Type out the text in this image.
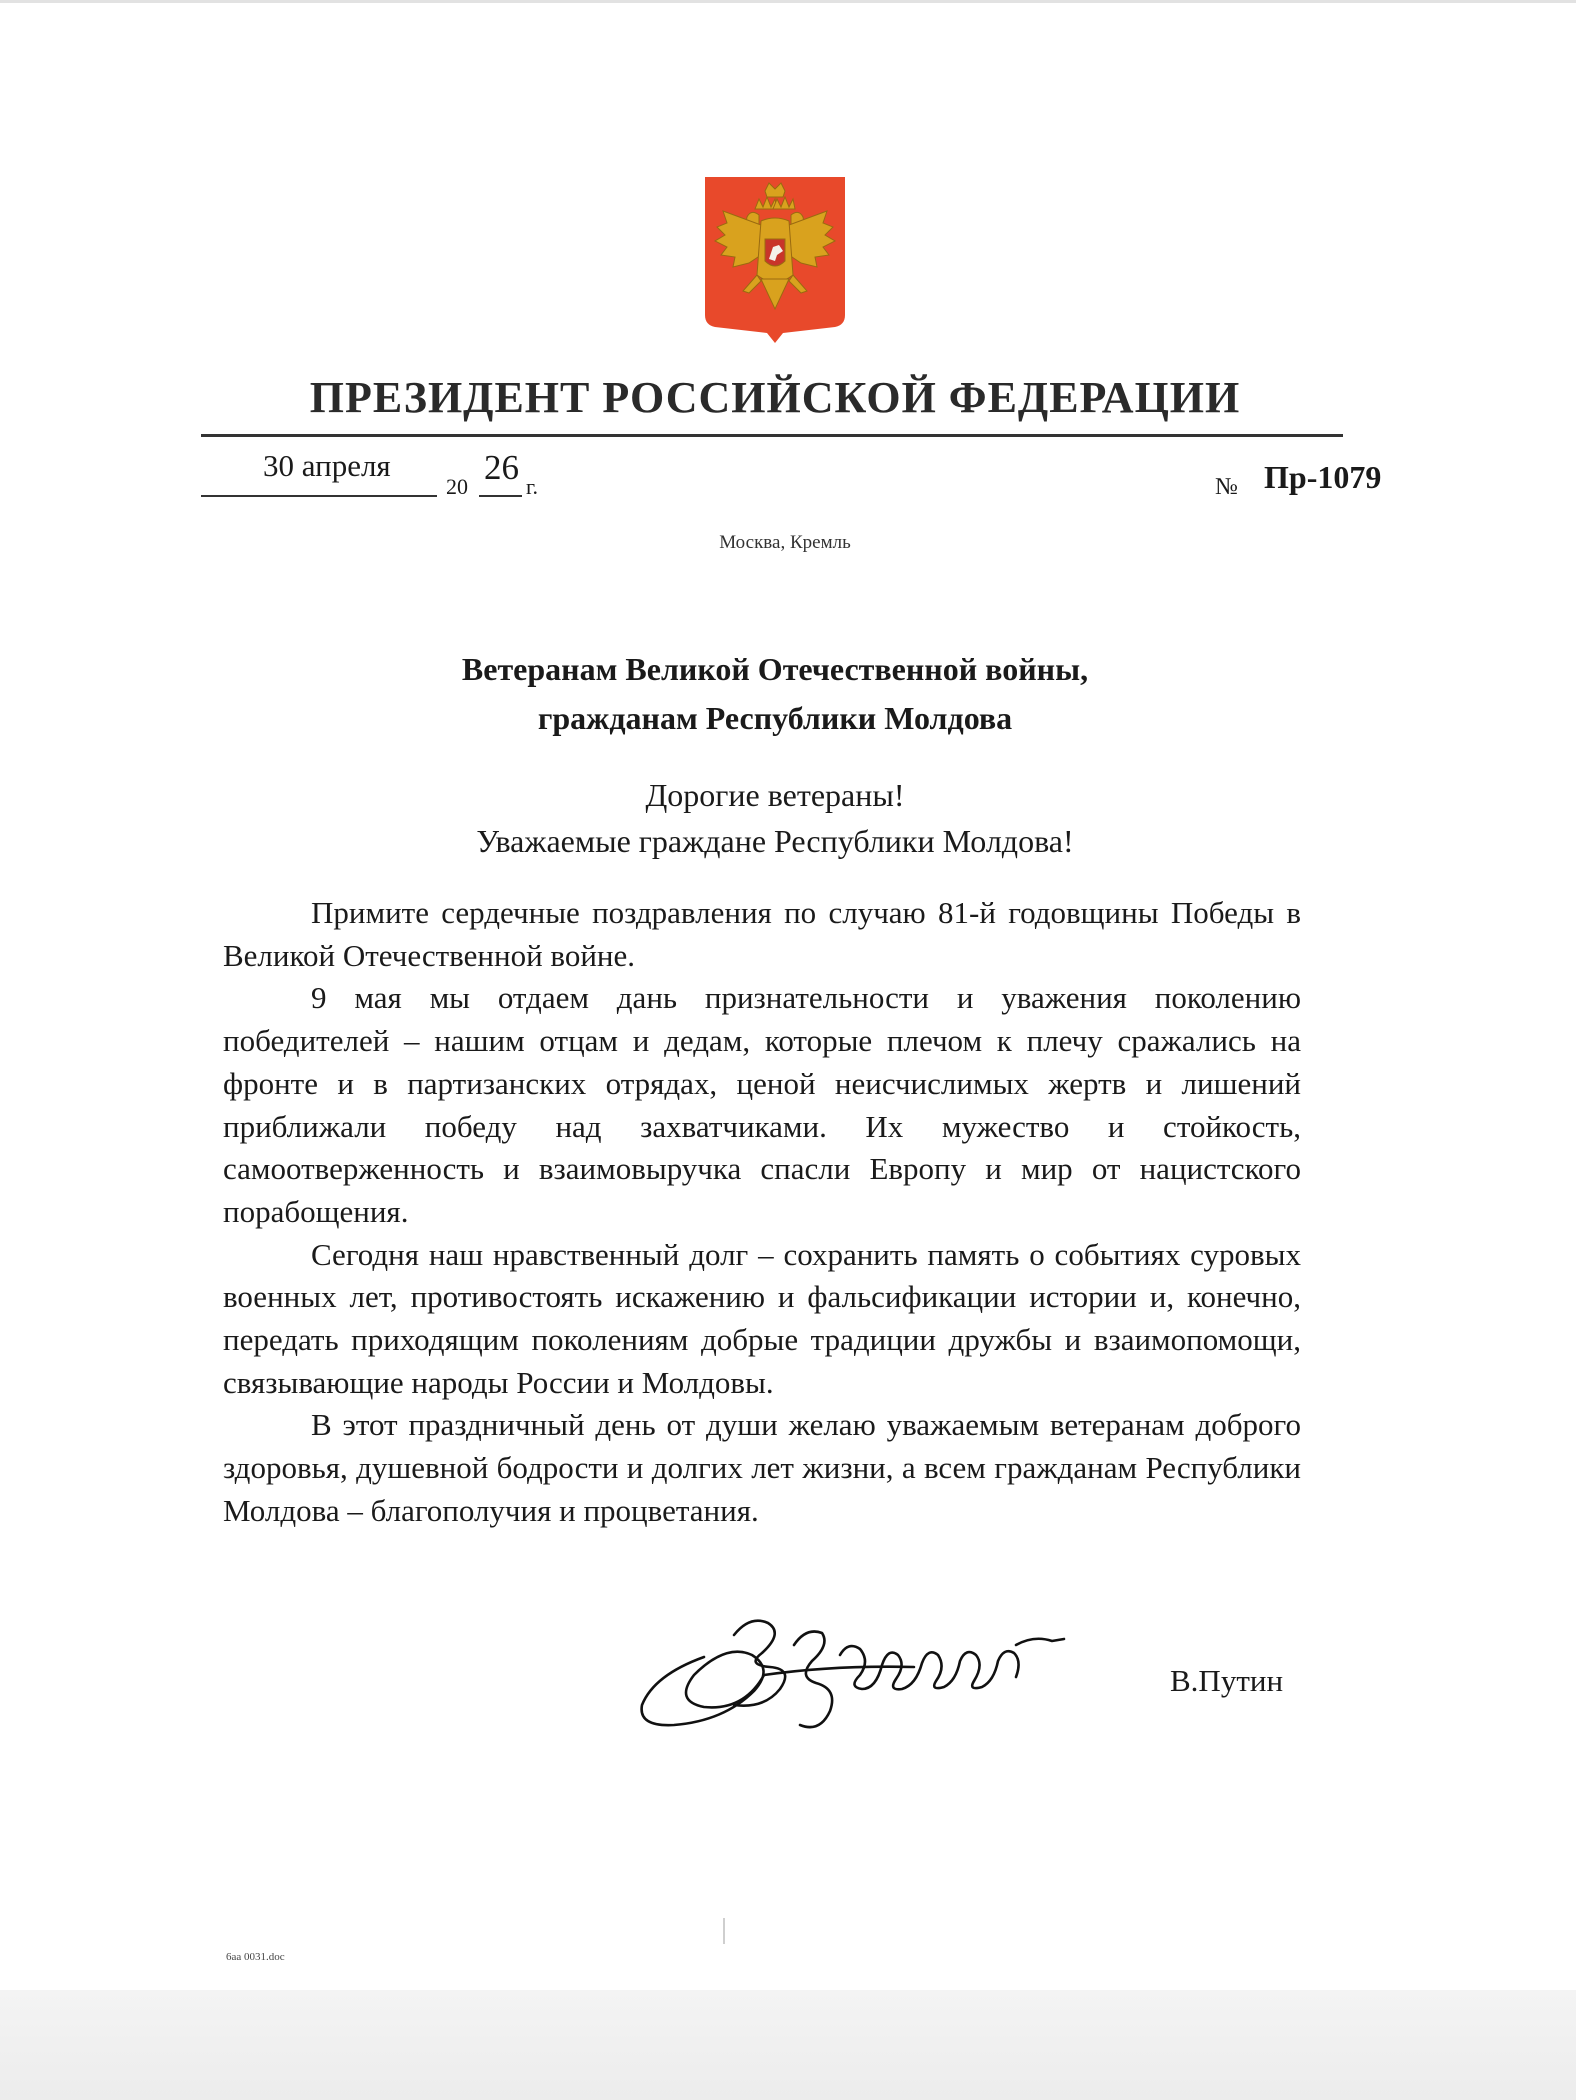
ПРЕЗИДЕНТ РОССИЙСКОЙ ФЕДЕРАЦИИ
30 апреля
20 26 г.	№ Пр-1079
Москва, Кремль
Ветеранам Великой Отечественной войны,
гражданам Республики Молдова
Дорогие ветераны!
Уважаемые граждане Республики Молдова!

Примите сердечные поздравления по случаю 81-й годовщины Победы в Великой Отечественной войне.

9 мая мы отдаем дань признательности и уважения поколению победителей – нашим отцам и дедам, которые плечом к плечу сражались на фронте и в партизанских отрядах, ценой неисчислимых жертв и лишений приближали победу над захватчиками. Их мужество и стойкость, самоотверженность и взаимовыручка спасли Европу и мир от нацистского порабощения.

Сегодня наш нравственный долг – сохранить память о событиях суровых военных лет, противостоять искажению и фальсификации истории и, конечно, передать приходящим поколениям добрые традиции дружбы и взаимопомощи, связывающие народы России и Молдовы.

В этот праздничный день от души желаю уважаемым ветеранам доброго здоровья, душевной бодрости и долгих лет жизни, а всем гражданам Республики Молдова – благополучия и процветания.

В.Путин
6aa 0031.doc
